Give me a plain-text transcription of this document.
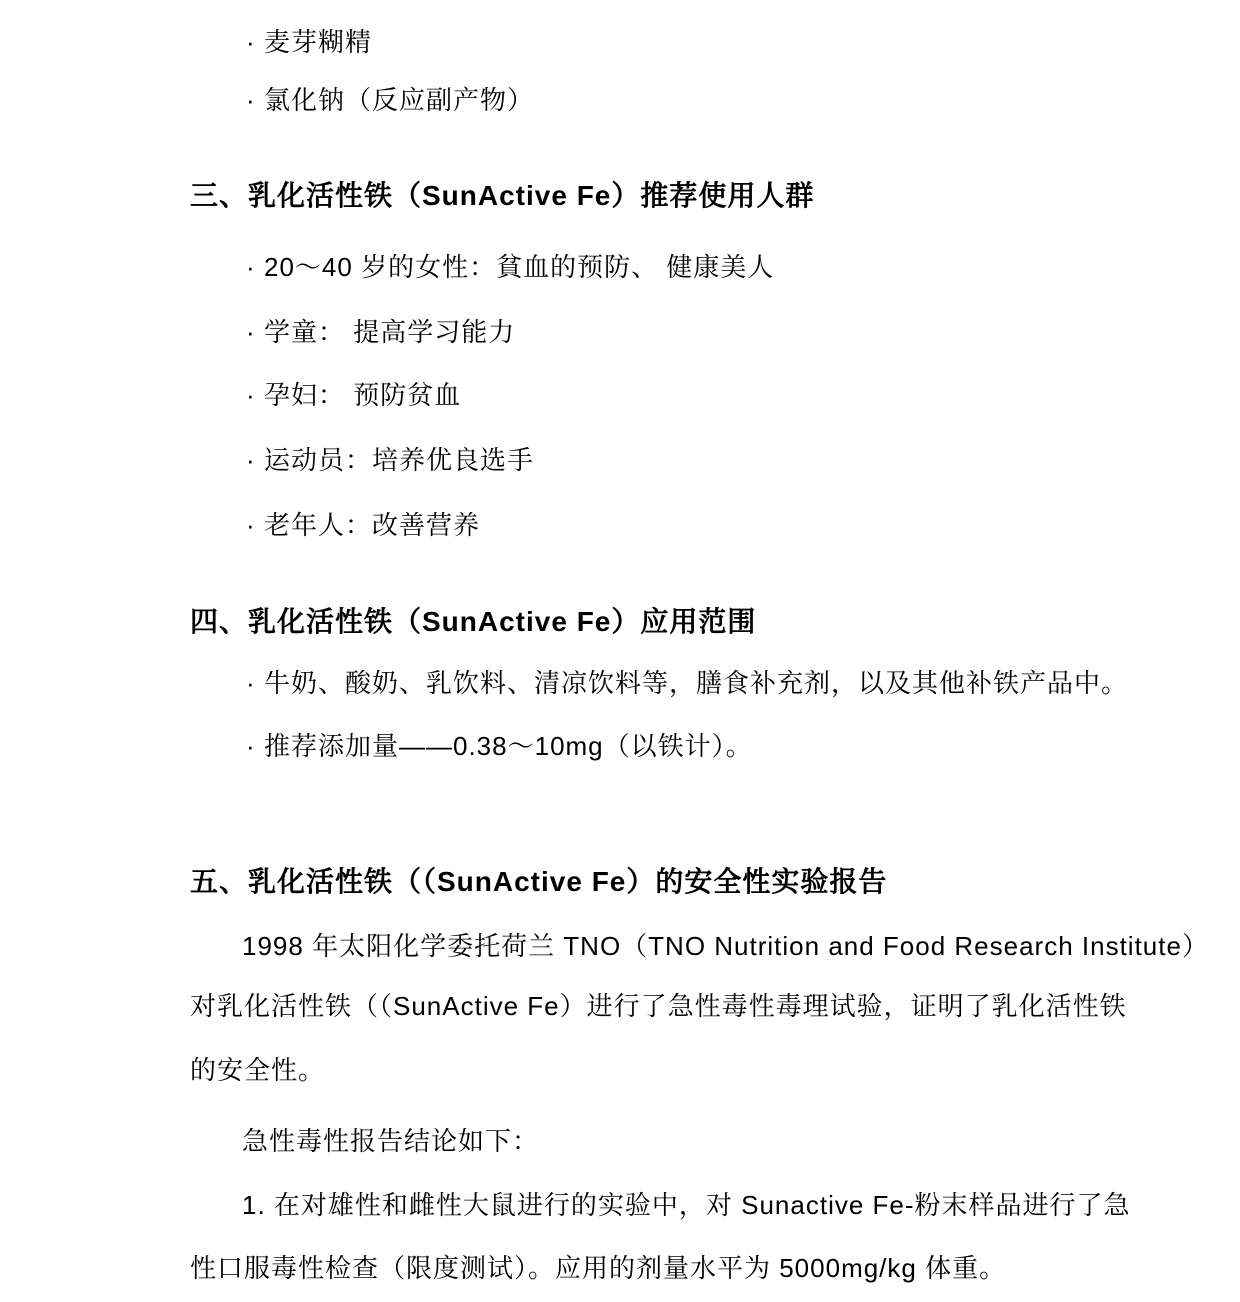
· 麦芽糊精
· 氯化钠（反应副产物）
三、乳化活性铁（SunActive Fe）推荐使用人群
· 20～40 岁的女性：貧血的预防、 健康美人
· 学童： 提高学习能力
· 孕妇： 预防贫血
· 运动员：培养优良选手
· 老年人：改善营养
四、乳化活性铁（SunActive Fe）应用范围
· 牛奶、酸奶、乳饮料、清凉饮料等，膳食补充剂，以及其他补铁产品中。
· 推荐添加量——0.38～10mg（以铁计）。
五、乳化活性铁（（SunActive Fe）的安全性实验报告
1998 年太阳化学委托荷兰 TNO（TNO Nutrition and Food Research Institute）
对乳化活性铁（（SunActive Fe）进行了急性毒性毒理试验，证明了乳化活性铁
的安全性。
急性毒性报告结论如下：
1. 在对雄性和雌性大鼠进行的实验中，对 Sunactive Fe-粉末样品进行了急
性口服毒性检查（限度测试）。应用的剂量水平为 5000mg/kg 体重。
